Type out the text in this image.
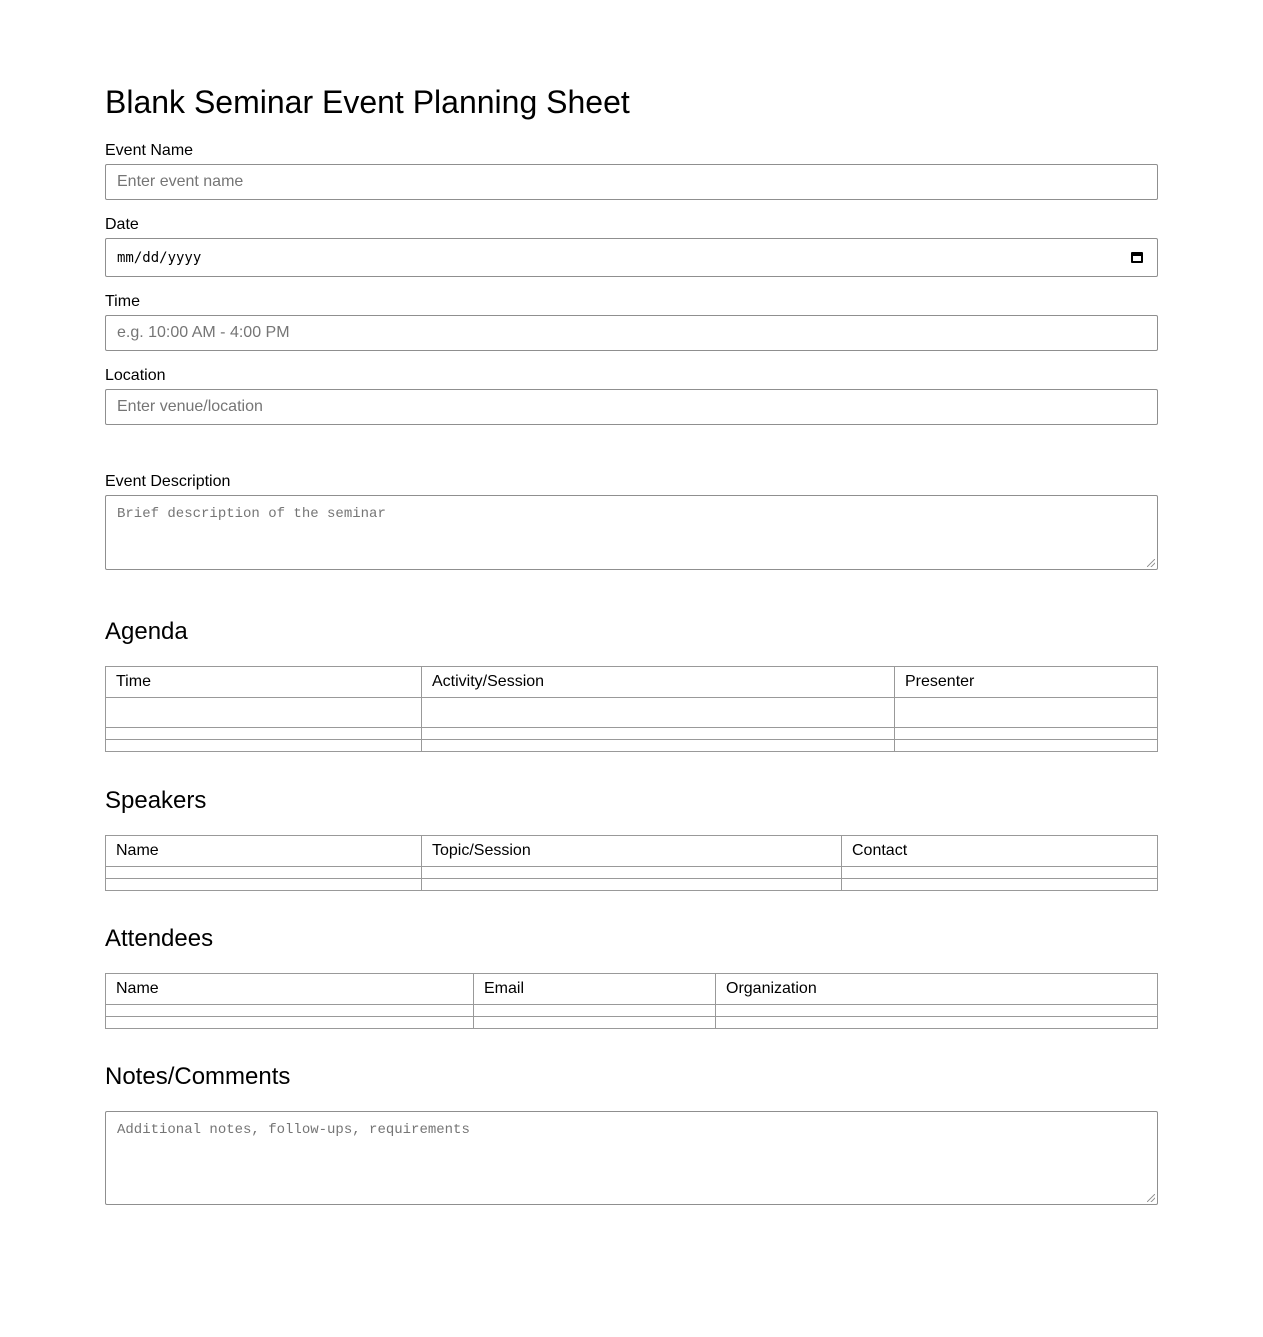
Blank Seminar Event Planning Sheet
Event Name
Enter event name
Date
mm/dd/yyyy
Time
e.g. 10:00 AM - 4:00 PM
Location
Enter venue/location
Event Description
Brief description of the seminar
Agenda
Time	Activity/Session	Presenter

Speakers
Name	Topic/Session	Contact

Attendees
Name	Email	Organization

Notes/Comments
Additional notes, follow-ups, requirements
